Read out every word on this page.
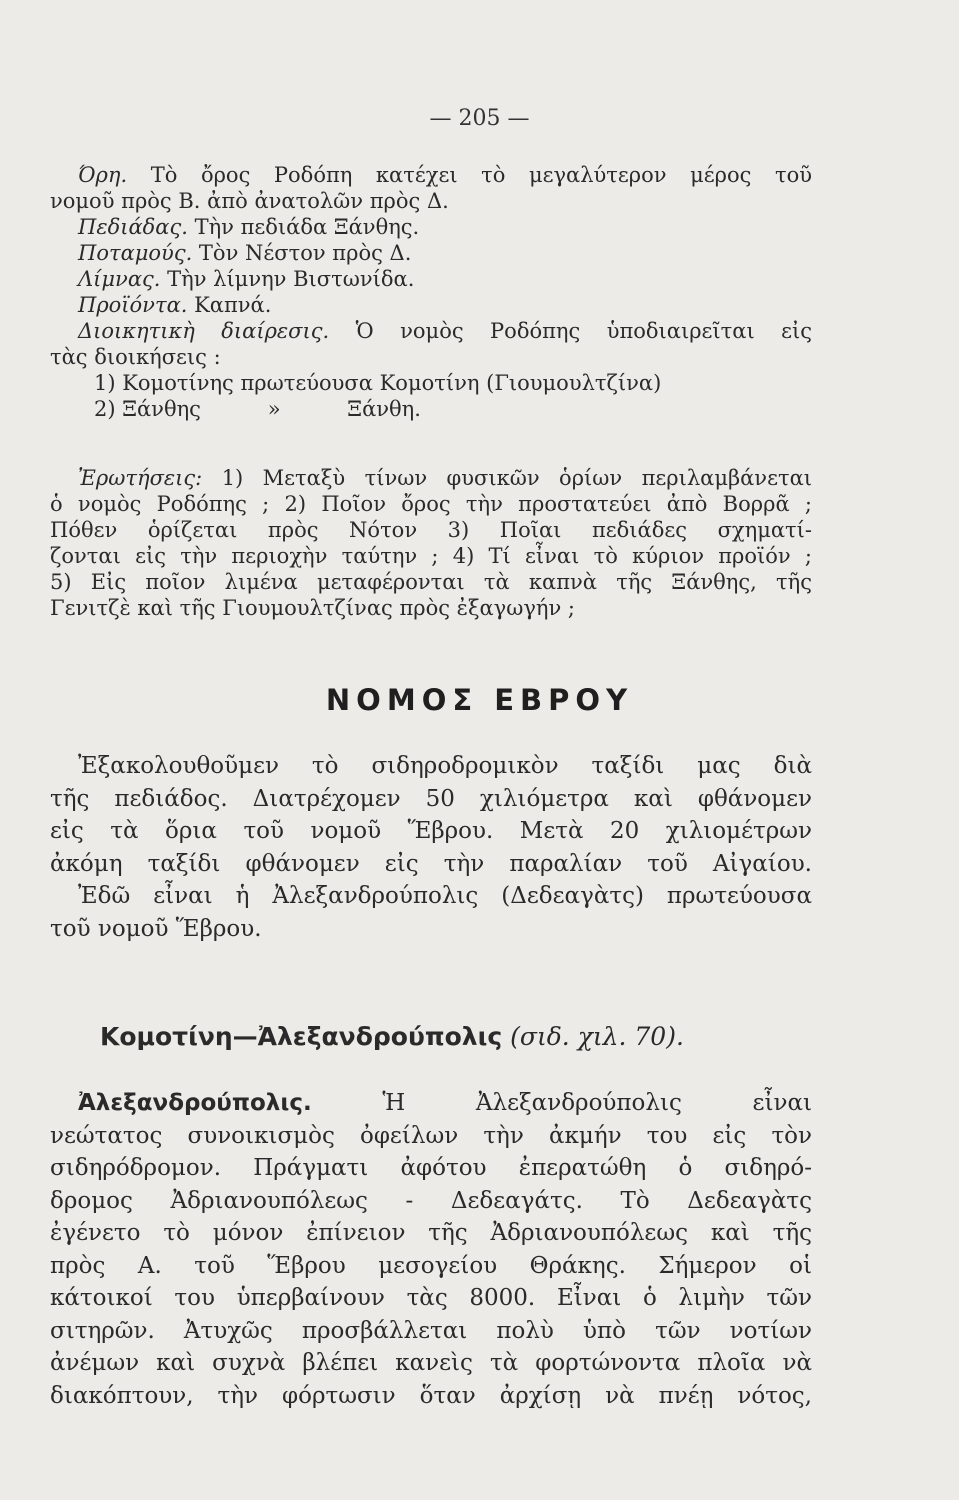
— 205 —
Όρη. Τὸ ὄρος Ροδόπη κατέχει τὸ μεγαλύτερον μέρος τοῦ
νομοῦ πρὸς Β. ἀπὸ ἀνατολῶν πρὸς Δ.
Πεδιάδας. Τὴν πεδιάδα Ξάνθης.
Ποταμούς. Τὸν Νέστον πρὸς Δ.
Λίμνας. Τὴν λίμνην Βιστωνίδα.
Προϊόντα. Καπνά.
Διοικητικὴ διαίρεσις. Ὁ νομὸς Ροδόπης ὑποδιαιρεῖται εἰς
τὰς διοικήσεις :
1) Κομοτίνης πρωτεύουσα Κομοτίνη (Γιουμουλτζίνα)
2) Ξάνθης          »          Ξάνθη.
Ἐρωτήσεις: 1) Μεταξὺ τίνων φυσικῶν ὁρίων περιλαμβάνεται
ὁ νομὸς Ροδόπης ; 2) Ποῖον ὄρος τὴν προστατεύει ἀπὸ Βορρᾶ ;
Πόθεν ὁρίζεται πρὸς Νότον 3) Ποῖαι πεδιάδες σχηματί-
ζονται εἰς τὴν περιοχὴν ταύτην ; 4) Τί εἶναι τὸ κύριον προϊόν ;
5) Εἰς ποῖον λιμένα μεταφέρονται τὰ καπνὰ τῆς Ξάνθης, τῆς
Γενιτζὲ καὶ τῆς Γιουμουλτζίνας πρὸς ἐξαγωγήν ;
ΝΟΜΟΣ ΕΒΡΟΥ
Ἐξακολουθοῦμεν τὸ σιδηροδρομικὸν ταξίδι μας διὰ
τῆς πεδιάδος. Διατρέχομεν 50 χιλιόμετρα καὶ φθάνομεν
εἰς τὰ ὅρια τοῦ νομοῦ Ἕβρου. Μετὰ 20 χιλιομέτρων
ἀκόμη ταξίδι φθάνομεν εἰς τὴν παραλίαν τοῦ Αἰγαίου.
Ἐδῶ εἶναι ἡ Ἀλεξανδρούπολις (Δεδεαγὰτς) πρωτεύουσα
τοῦ νομοῦ Ἕβρου.
Κομοτίνη—Ἀλεξανδρούπολις (σιδ. χιλ. 70).
Ἀλεξανδρούπολις. Ἡ Ἀλεξανδρούπολις εἶναι
νεώτατος συνοικισμὸς ὀφείλων τὴν ἀκμήν του εἰς τὸν
σιδηρόδρομον. Πράγματι ἀφότου ἐπερατώθη ὁ σιδηρό-
δρομος Ἀδριανουπόλεως - Δεδεαγάτς. Τὸ Δεδεαγὰτς
ἐγένετο τὸ μόνον ἐπίνειον τῆς Ἀδριανουπόλεως καὶ τῆς
πρὸς Α. τοῦ Ἕβρου μεσογείου Θράκης. Σήμερον οἱ
κάτοικοί του ὑπερβαίνουν τὰς 8000. Εἶναι ὁ λιμὴν τῶν
σιτηρῶν. Ἀτυχῶς προσβάλλεται πολὺ ὑπὸ τῶν νοτίων
ἀνέμων καὶ συχνὰ βλέπει κανεὶς τὰ φορτώνοντα πλοῖα νὰ
διακόπτουν, τὴν φόρτωσιν ὅταν ἀρχίσῃ νὰ πνέῃ νότος,
